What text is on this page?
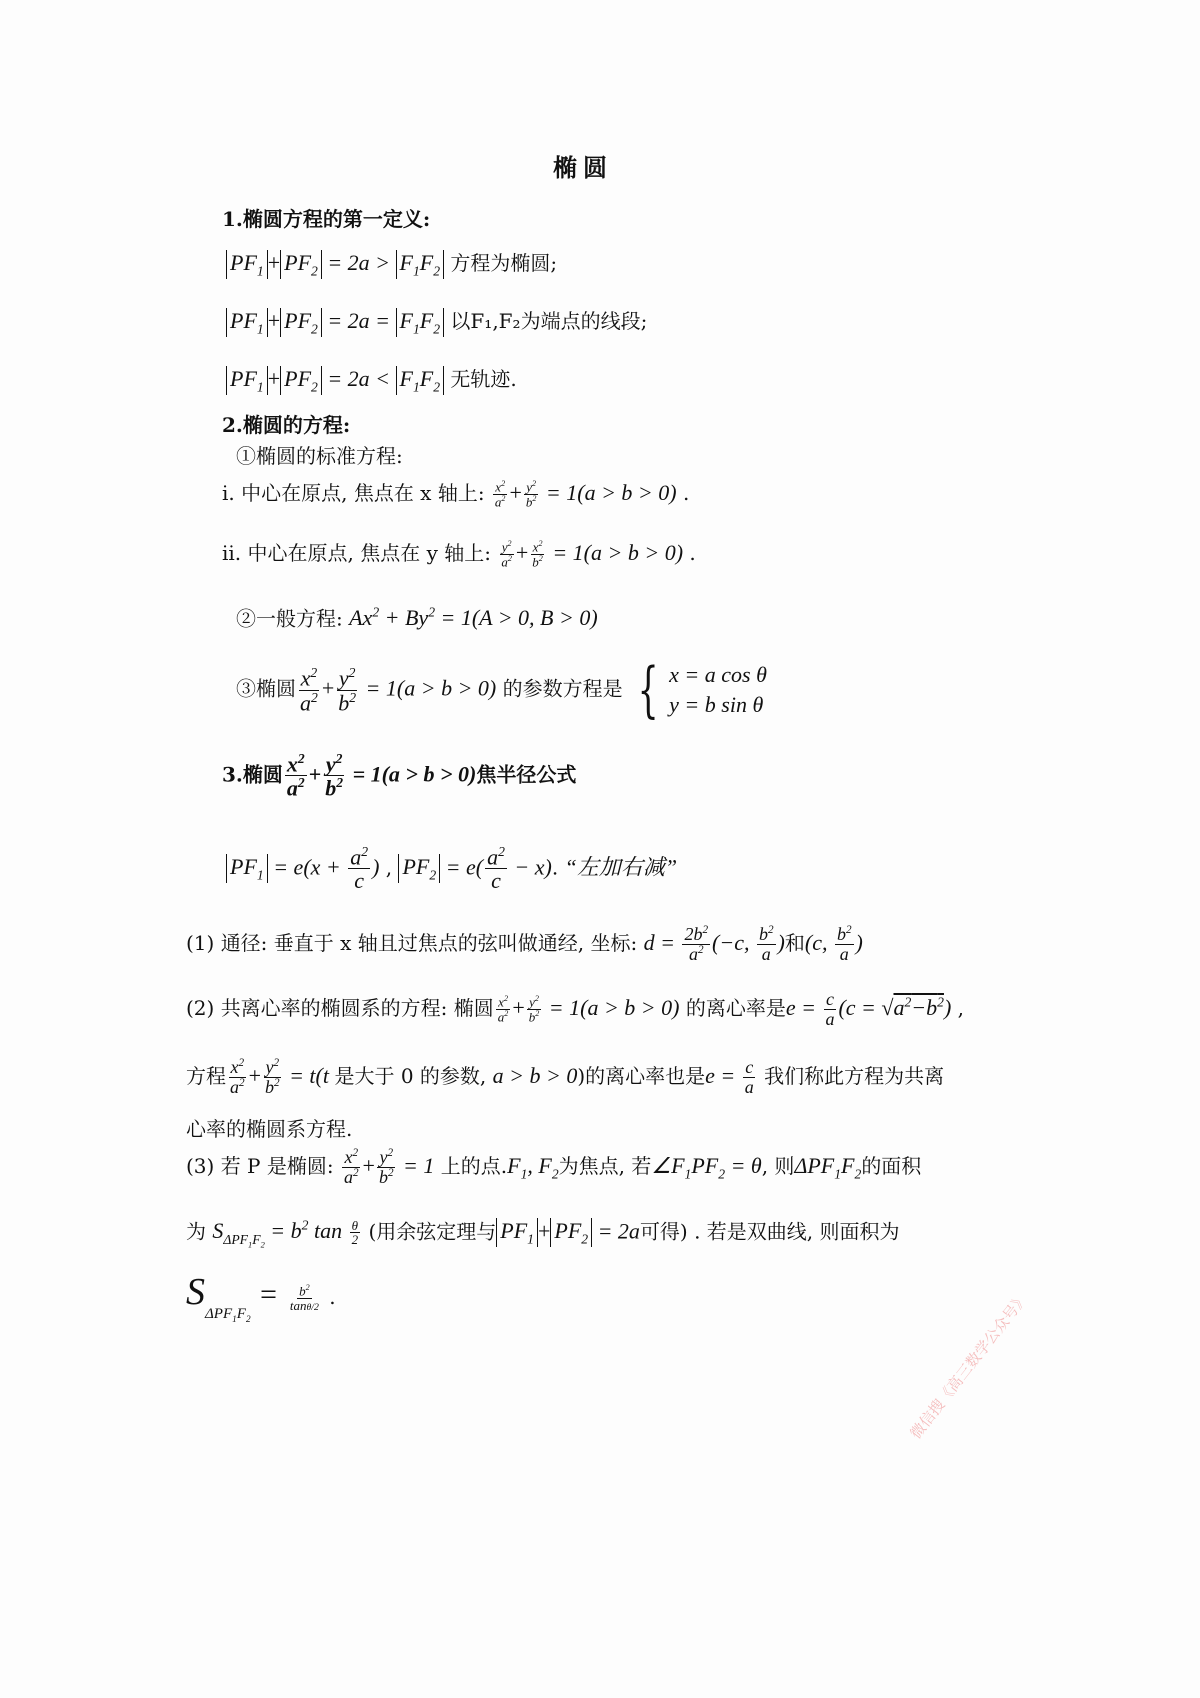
椭圆
1.椭圆方程的第一定义:
$PF_1 + PF_2 = 2a > F_1F_2$ 方程为椭圆;
$PF_1 + PF_2 = 2a = F_1F_2$ 以F₁,F₂为端点的线段;
$PF_1 + PF_2 = 2a < F_1F_2$ 无轨迹.
2.椭圆的方程:
①椭圆的标准方程:
i. 中心在原点, 焦点在 x 轴上: $\frac{x^2}{a^2} + \frac{y^2}{b^2} = 1(a > b > 0)$ .
ii. 中心在原点, 焦点在 y 轴上: $\frac{y^2}{a^2} + \frac{x^2}{b^2} = 1(a > b > 0)$ .
②一般方程: $Ax^2 + By^2 = 1(A > 0$, B > 0)
③椭圆 $\frac{x^2}{a^2} + \frac{y^2}{b^2} = 1(a > b > 0)$ 的参数方程是 { x = a cos θ
y = b sin θ
3.椭圆 $\frac{x^2}{a^2} + \frac{y^2}{b^2} = 1(a > b > 0)$焦半径公式
$PF_1 = e(x + \frac{a^2}{c}$ ) , $PF_2 = e( \frac{a^2}{c} - x)$. “左加右减”
(1) 通径: 垂直于 x 轴且过焦点的弦叫做通经, 坐标: $d = \frac{2b^2}{a^2} (-c$, $\frac{b^2}{a}$ )和(c, $\frac{b^2}{a}$ )
(2) 共离心率的椭圆系的方程: 椭圆 $\frac{x^2}{a^2} + \frac{y^2}{b^2} = 1(a > b > 0)$ 的离心率是$e = \frac{c}{a} (c = √a^2-b^2)$ ,
方程 $\frac{x^2}{a^2} + \frac{y^2}{b^2} = t(t$ 是大于 0 的参数, a > b > 0)的离心率也是$e = \frac{c}{a}$ 我们称此方程为共离
心率的椭圆系方程.
(3) 若 P 是椭圆: $\frac{x^2}{a^2} + \frac{y^2}{b^2} = 1$ 上的点$.F_1$, $F_2$为焦点, 若$\angle F_1PF_2 = \theta$, 则$\Delta PF_1F_2$的面积
为 $S_{\Delta PF_1F_2} = b^2$ $\tan \frac{\theta}{2}$ (用余弦定理与 $PF_1 + PF_2 = 2a$可得) . 若是双曲线, 则面积为
$S_{\Delta PF_1F_2} = \frac{b^2}{\tan\theta/2}$ .	微信搜《高三数学公众号》
